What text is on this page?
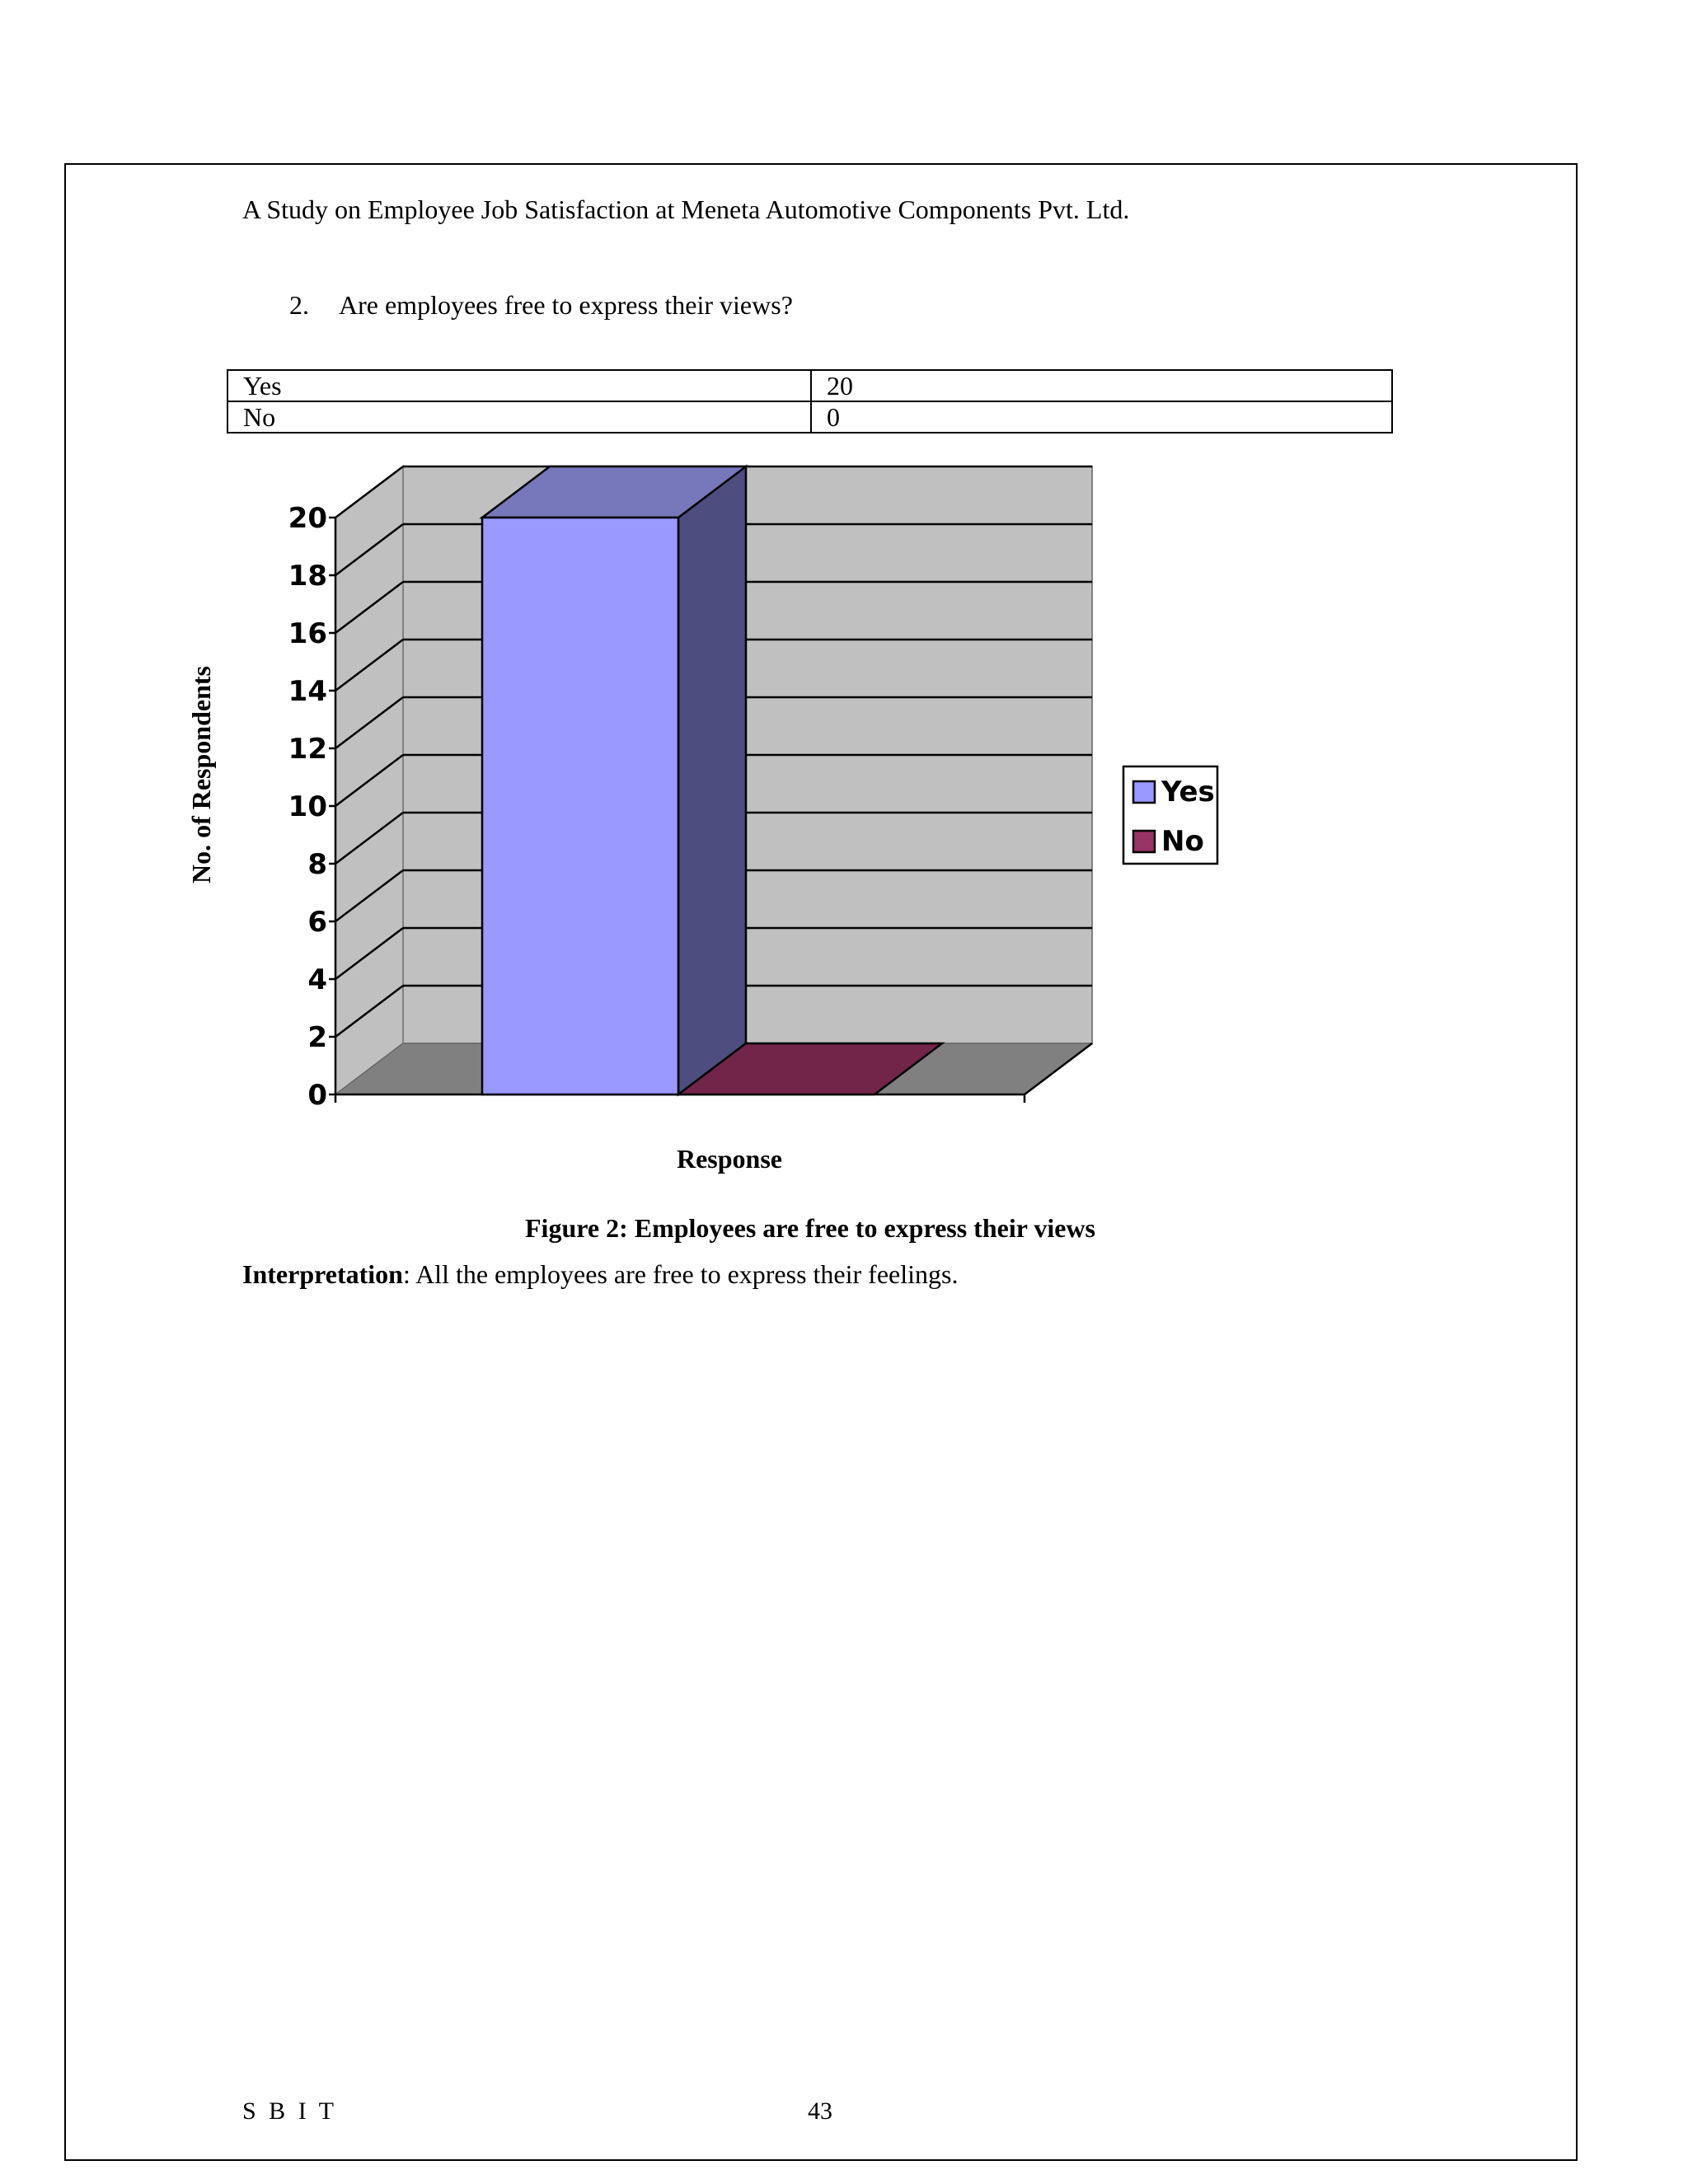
A Study on Employee Job Satisfaction at Meneta Automotive Components Pvt. Ltd.
2. Are employees free to express their views?
Yes	20
No	0
0
2
4
6
8
10
12
14
16
18
20
No. of Respondents
Response
Yes
No
Figure 2: Employees are free to express their views
Interpretation: All the employees are free to express their feelings.
S B I T	43
